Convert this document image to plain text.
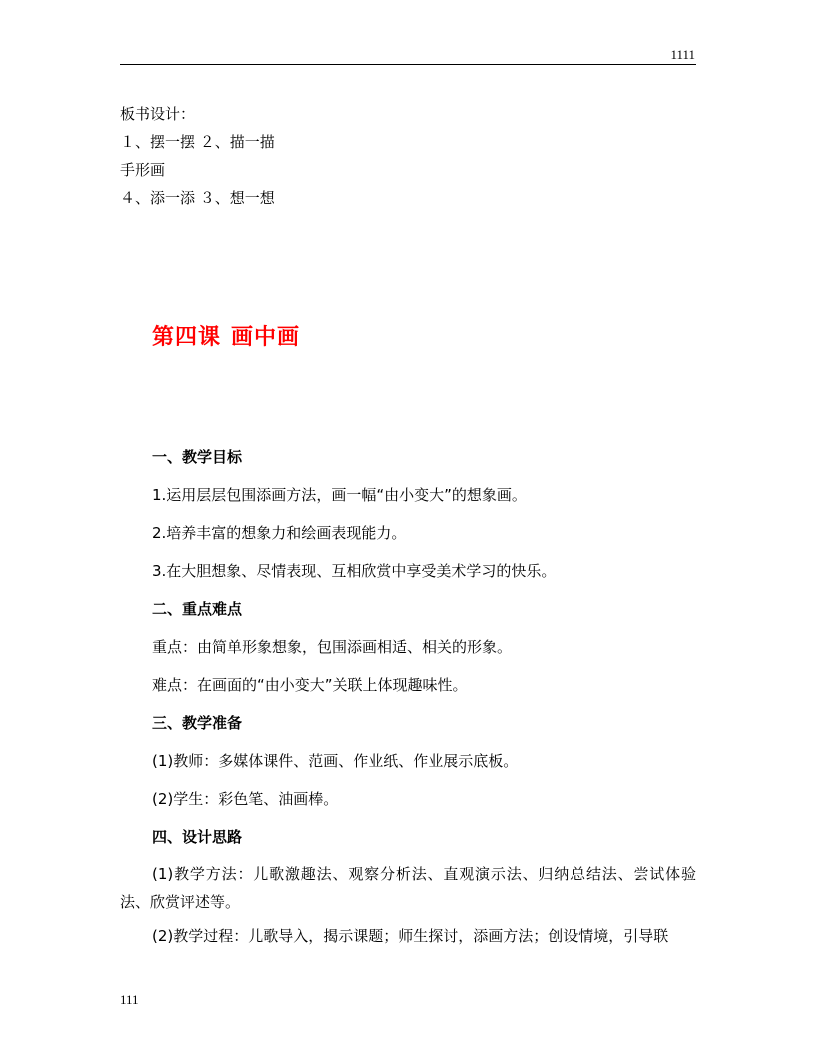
1111
板书设计：
１、摆一摆 ２、描一描
手形画
４、添一添 ３、想一想
第四课 画中画
一、教学目标
1.运用层层包围添画方法，画一幅“由小变大”的想象画。
2.培养丰富的想象力和绘画表现能力。
3.在大胆想象、尽情表现、互相欣赏中享受美术学习的快乐。
二、重点难点
重点：由简单形象想象，包围添画相适、相关的形象。
难点：在画面的“由小变大”关联上体现趣味性。
三、教学准备
(1)教师：多媒体课件、范画、作业纸、作业展示底板。
(2)学生：彩色笔、油画棒。
四、设计思路
(1)教学方法：儿歌激趣法、观察分析法、直观演示法、归纳总结法、尝试体验法、欣赏评述等。
(2)教学过程：儿歌导入，揭示课题；师生探讨，添画方法；创设情境，引导联
111
